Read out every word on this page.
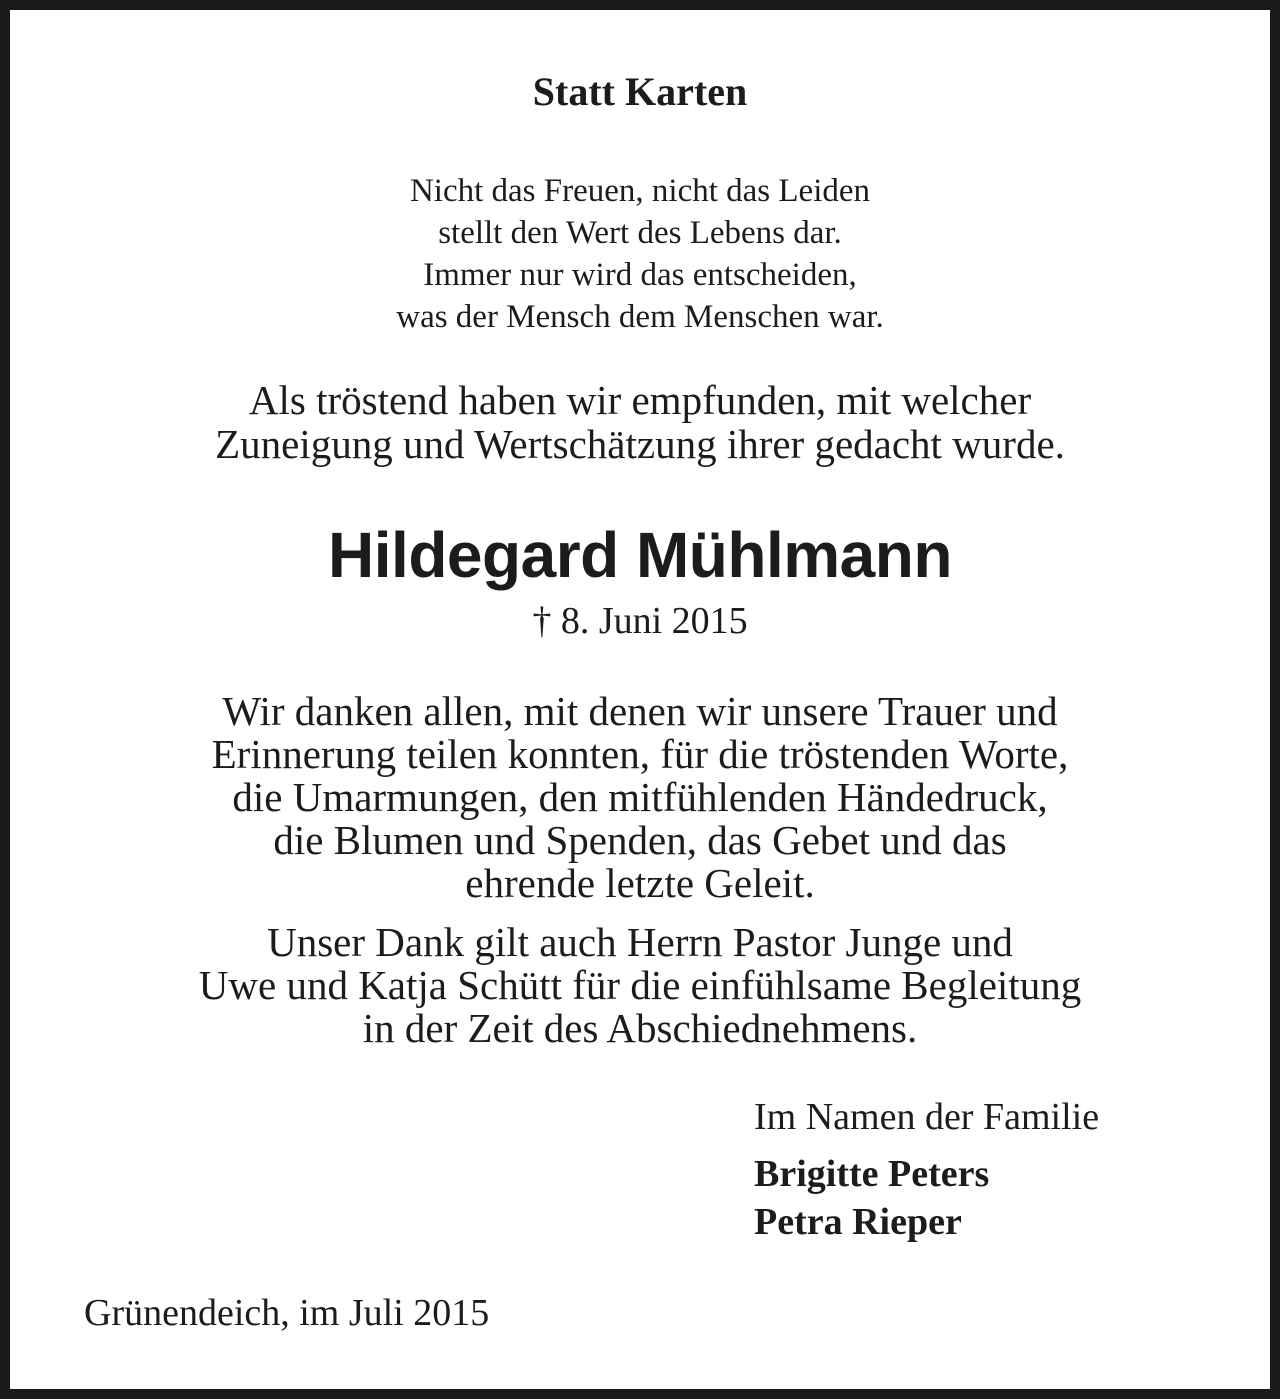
Statt Karten
Nicht das Freuen, nicht das Leiden
stellt den Wert des Lebens dar.
Immer nur wird das entscheiden,
was der Mensch dem Menschen war.
Als tröstend haben wir empfunden, mit welcher
Zuneigung und Wertschätzung ihrer gedacht wurde.
Hildegard Mühlmann
† 8. Juni 2015
Wir danken allen, mit denen wir unsere Trauer und
Erinnerung teilen konnten, für die tröstenden Worte,
die Umarmungen, den mitfühlenden Händedruck,
die Blumen und Spenden, das Gebet und das
ehrende letzte Geleit.
Unser Dank gilt auch Herrn Pastor Junge und
Uwe und Katja Schütt für die einfühlsame Begleitung
in der Zeit des Abschiednehmens.
Im Namen der Familie
Brigitte Peters
Petra Rieper
Grünendeich, im Juli 2015
